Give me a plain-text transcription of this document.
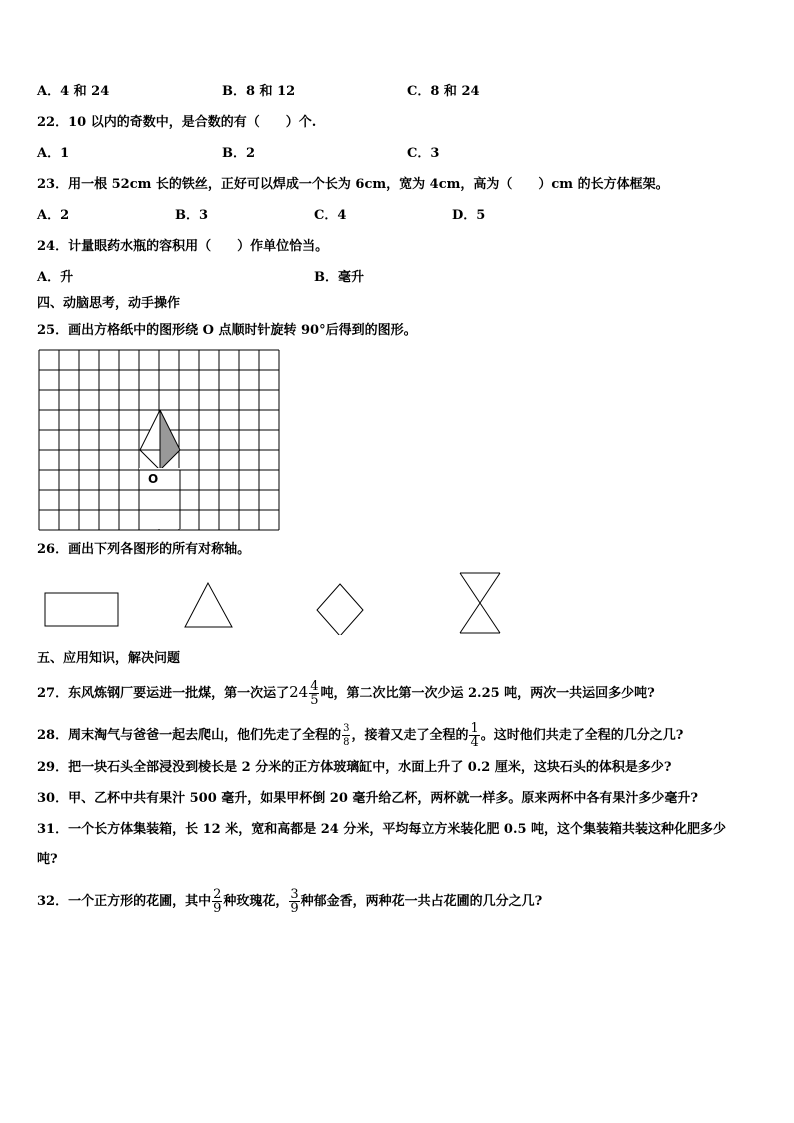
A．4 和 24	B．8 和 12	C．8 和 24
22．10 以内的奇数中，是合数的有（　　）个.
A．1	B．2	C．3
23．用一根 52cm 长的铁丝，正好可以焊成一个长为 6cm，宽为 4cm，高为（　　）cm 的长方体框架。
A．2	B．3	C．4	D．5
24．计量眼药水瓶的容积用（　　）作单位恰当。
A．升	B．毫升
四、动脑思考，动手操作
25．画出方格纸中的图形绕 O 点顺时针旋转 90°后得到的图形。
O
26．画出下列各图形的所有对称轴。
五、应用知识，解决问题
27．东风炼钢厂要运进一批煤，第一次运了$24 \frac{4}{5}$ 吨，第二次比第一次少运 2.25 吨，两次一共运回多少吨?
28．周末淘气与爸爸一起去爬山，他们先走了全程的 $\frac{3}{8}$ ，接着又走了全程的 $\frac{1}{4}$ 。这时他们共走了全程的几分之几?
29．把一块石头全部浸没到棱长是 2 分米的正方体玻璃缸中，水面上升了 0.2 厘米，这块石头的体积是多少?
30．甲、乙杯中共有果汁 500 毫升，如果甲杯倒 20 毫升给乙杯，两杯就一样多。原来两杯中各有果汁多少毫升?
31．一个长方体集装箱，长 12 米，宽和高都是 24 分米，平均每立方米装化肥 0.5 吨，这个集装箱共装这种化肥多少
吨?
32．一个正方形的花圃，其中 $\frac{2}{9}$ 种玫瑰花， $\frac{3}{9}$ 种郁金香，两种花一共占花圃的几分之几?
